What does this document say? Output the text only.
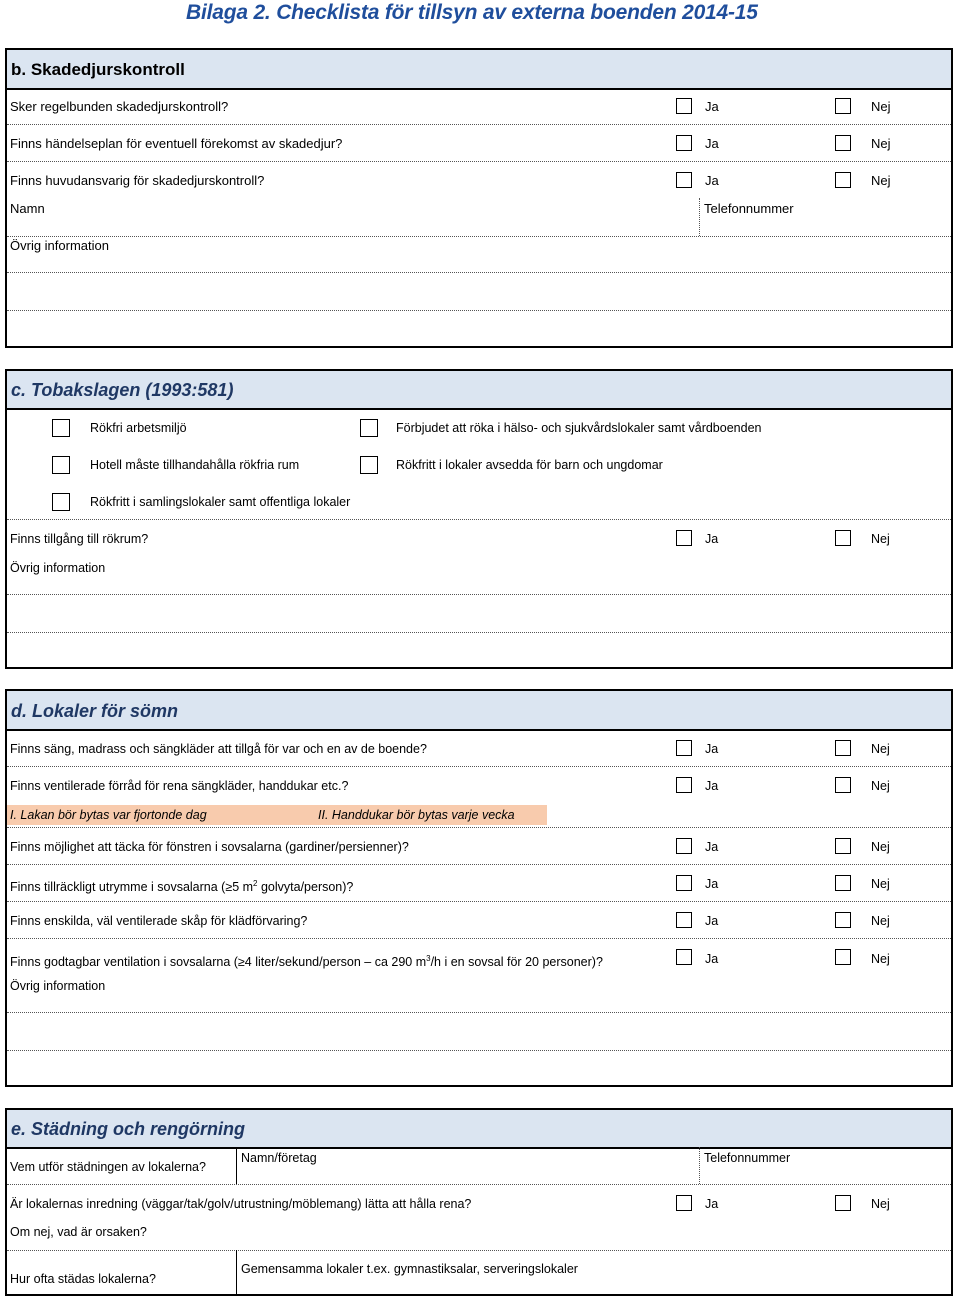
Bilaga 2. Checklista för tillsyn av externa boenden 2014-15
b. Skadedjurskontroll
Sker regelbunden skadedjurskontroll?	Ja	Nej
Finns händelseplan för eventuell förekomst av skadedjur?	Ja	Nej
Finns huvudansvarig för skadedjurskontroll?	Ja	Nej
Namn	Telefonnummer
Övrig information
c. Tobakslagen (1993:581)
Rökfri arbetsmiljö	Förbjudet att röka i hälso- och sjukvårdslokaler samt vårdboenden
Hotell måste tillhandahålla rökfria rum	Rökfritt i lokaler avsedda för barn och ungdomar
Rökfritt i samlingslokaler samt offentliga lokaler
Finns tillgång till rökrum?	Ja	Nej
Övrig information
d. Lokaler för sömn
Finns säng, madrass och sängkläder att tillgå för var och en av de boende?	Ja	Nej
Finns ventilerade förråd för rena sängkläder, handdukar etc.?	Ja	Nej
I. Lakan bör bytas var fjortonde dag	II. Handdukar bör bytas varje vecka
Finns möjlighet att täcka för fönstren i sovsalarna (gardiner/persienner)?	Ja	Nej
Finns tillräckligt utrymme i sovsalarna (≥5 $m^2$ golvyta/person)?	Ja	Nej
Finns enskilda, väl ventilerade skåp för klädförvaring?	Ja	Nej
Finns godtagbar ventilation i sovsalarna (≥4 liter/sekund/person – ca 290 $m^3/h$ i en sovsal för 20 personer)?	Ja	Nej
Övrig information
e. Städning och rengörning
Vem utför städningen av lokalerna?
Namn/företag	Telefonnummer
Är lokalernas inredning (väggar/tak/golv/utrustning/möblemang) lätta att hålla rena?	Ja	Nej
Om nej, vad är orsaken?
Hur ofta städas lokalerna?
Gemensamma lokaler t.ex. gymnastiksalar, serveringslokaler
